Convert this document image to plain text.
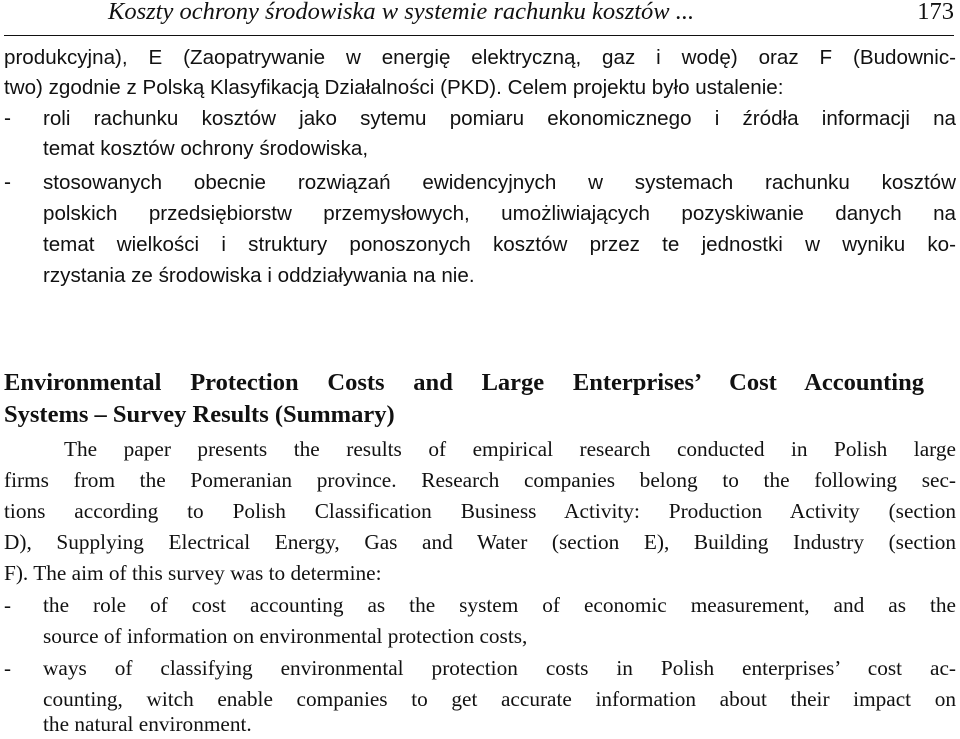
Koszty ochrony środowiska w systemie rachunku kosztów ...	173
produkcyjna), E (Zaopatrywanie w energię elektryczną, gaz i wodę) oraz F (Budownic-
two) zgodnie z Polską Klasyfikacją Działalności (PKD). Celem projektu było ustalenie:
- roli rachunku kosztów jako sytemu pomiaru ekonomicznego i źródła informacji na
temat kosztów ochrony środowiska,
- stosowanych obecnie rozwiązań ewidencyjnych w systemach rachunku kosztów
polskich przedsiębiorstw przemysłowych, umożliwiających pozyskiwanie danych na
temat wielkości i struktury ponoszonych kosztów przez te jednostki w wyniku ko-
rzystania ze środowiska i oddziaływania na nie.
Environmental Protection Costs and Large Enterprises’ Cost Accounting
Systems – Survey Results (Summary)
The paper presents the results of empirical research conducted in Polish large
firms from the Pomeranian province. Research companies belong to the following sec-
tions according to Polish Classification Business Activity: Production Activity (section
D), Supplying Electrical Energy, Gas and Water (section E), Building Industry (section
F). The aim of this survey was to determine:
- the role of cost accounting as the system of economic measurement, and as the
source of information on environmental protection costs,
- ways of classifying environmental protection costs in Polish enterprises’ cost ac-
counting, witch enable companies to get accurate information about their impact on
the natural environment.
